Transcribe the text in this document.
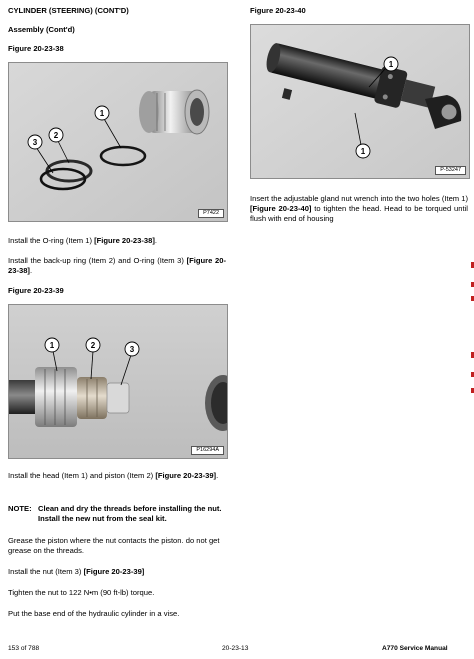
CYLINDER (STEERING) (CONT'D)
Assembly (Cont'd)
Figure 20-23-38
1
2
3
P7422

Install the O-ring (Item 1) [Figure 20-23-38].

Install the back-up ring (Item 2) and O-ring (Item 3) [Figure 20-23-38].

Figure 20-23-39
1	2	3
P16294A

Install the head (Item 1) and piston (Item 2) [Figure 20-23-39].

NOTE: Clean and dry the threads before installing the nut. Install the new nut from the seal kit.

Grease the piston where the nut contacts the piston. do not get grease on the threads.

Install the nut (Item 3) [Figure 20-23-39]

Tighten the nut to 122 N•m (90 ft-lb) torque.

Put the base end of the hydraulic cylinder in a vise.

Figure 20-23-40
1
1
P-53247

Insert the adjustable gland nut wrench into the two holes (Item 1) [Figure 20-23-40] to tighten the head. Head to be torqued until flush with end of housing

153 of 788	20-23-13	A770 Service Manual
